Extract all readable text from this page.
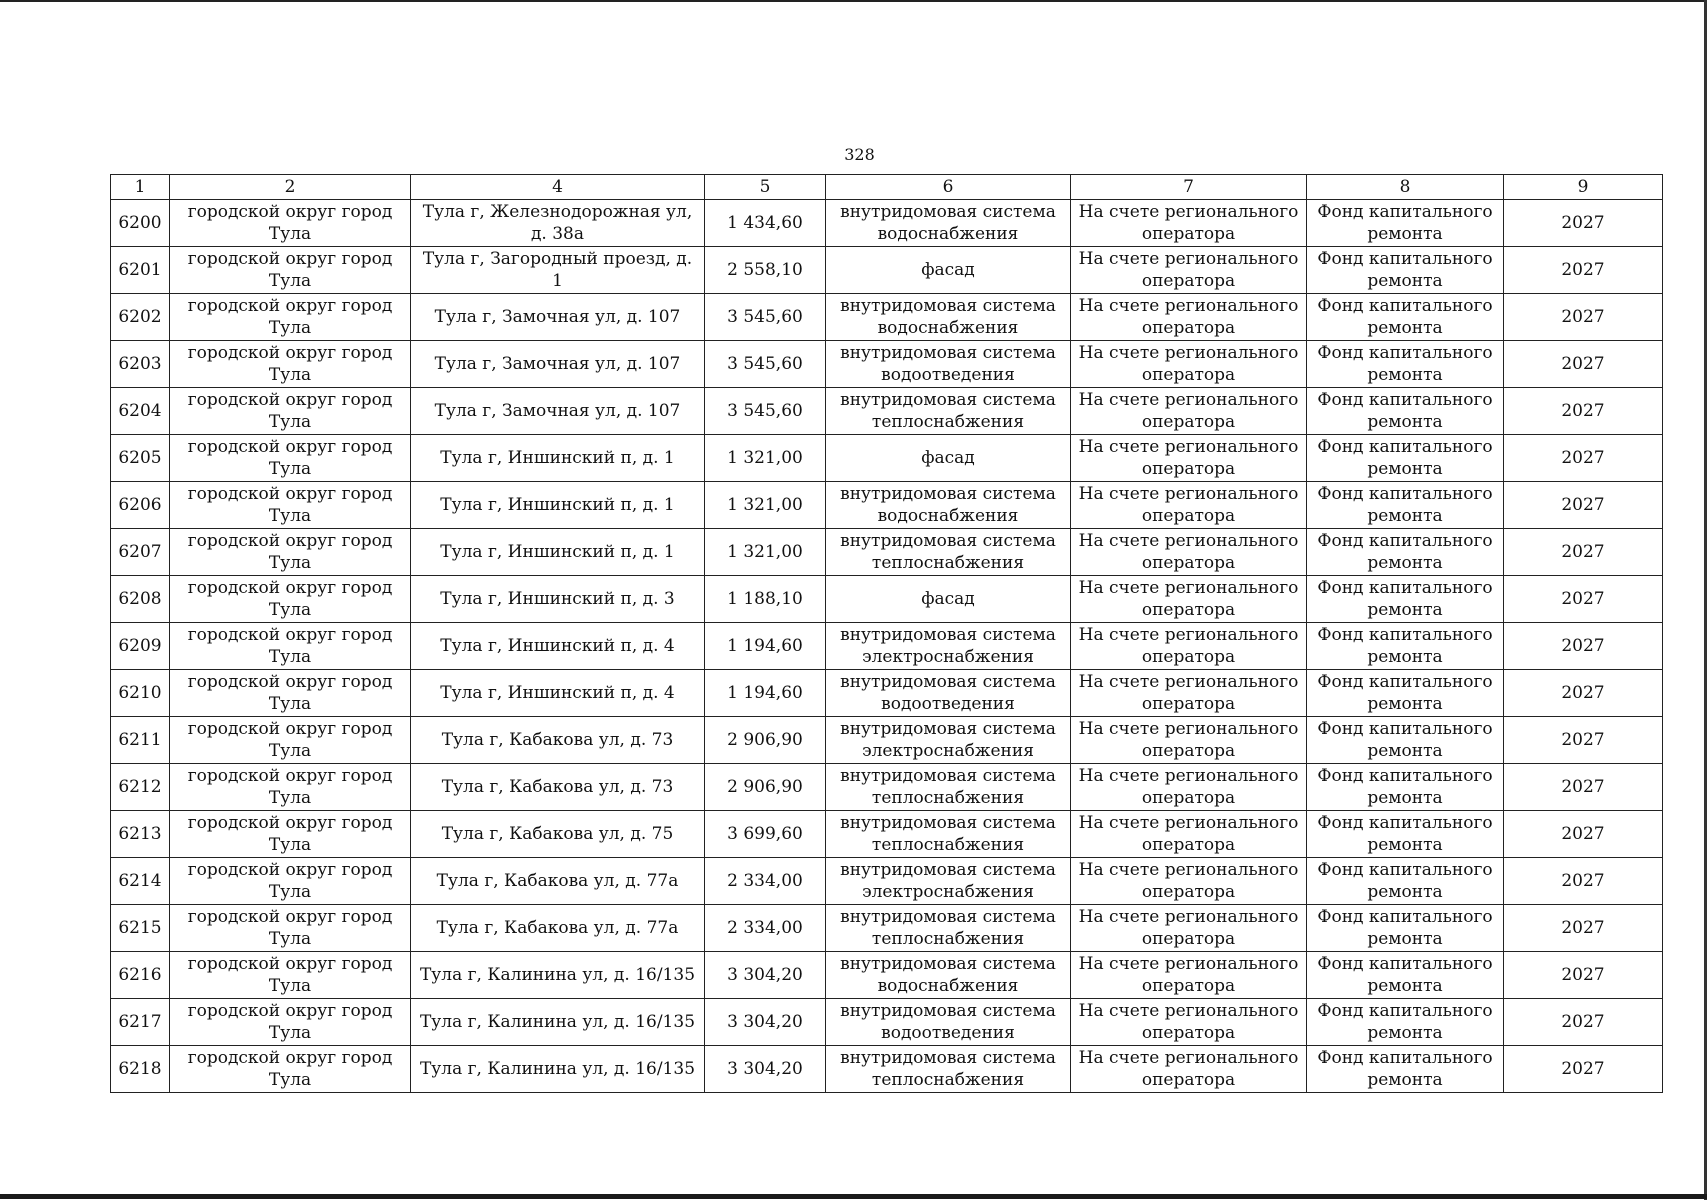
328
1	2	4	5	6	7	8	9
6200	городской округ город Тула	Тула г, Железнодорожная ул, д. 38а	1 434,60	внутридомовая система водоснабжения	На счете регионального оператора	Фонд капитального ремонта	2027
6201	городской округ город Тула	Тула г, Загородный проезд, д. 1	2 558,10	фасад	На счете регионального оператора	Фонд капитального ремонта	2027
6202	городской округ город Тула	Тула г, Замочная ул, д. 107	3 545,60	внутридомовая система водоснабжения	На счете регионального оператора	Фонд капитального ремонта	2027
6203	городской округ город Тула	Тула г, Замочная ул, д. 107	3 545,60	внутридомовая система водоотведения	На счете регионального оператора	Фонд капитального ремонта	2027
6204	городской округ город Тула	Тула г, Замочная ул, д. 107	3 545,60	внутридомовая система теплоснабжения	На счете регионального оператора	Фонд капитального ремонта	2027
6205	городской округ город Тула	Тула г, Иншинский п, д. 1	1 321,00	фасад	На счете регионального оператора	Фонд капитального ремонта	2027
6206	городской округ город Тула	Тула г, Иншинский п, д. 1	1 321,00	внутридомовая система водоснабжения	На счете регионального оператора	Фонд капитального ремонта	2027
6207	городской округ город Тула	Тула г, Иншинский п, д. 1	1 321,00	внутридомовая система теплоснабжения	На счете регионального оператора	Фонд капитального ремонта	2027
6208	городской округ город Тула	Тула г, Иншинский п, д. 3	1 188,10	фасад	На счете регионального оператора	Фонд капитального ремонта	2027
6209	городской округ город Тула	Тула г, Иншинский п, д. 4	1 194,60	внутридомовая система электроснабжения	На счете регионального оператора	Фонд капитального ремонта	2027
6210	городской округ город Тула	Тула г, Иншинский п, д. 4	1 194,60	внутридомовая система водоотведения	На счете регионального оператора	Фонд капитального ремонта	2027
6211	городской округ город Тула	Тула г, Кабакова ул, д. 73	2 906,90	внутридомовая система электроснабжения	На счете регионального оператора	Фонд капитального ремонта	2027
6212	городской округ город Тула	Тула г, Кабакова ул, д. 73	2 906,90	внутридомовая система теплоснабжения	На счете регионального оператора	Фонд капитального ремонта	2027
6213	городской округ город Тула	Тула г, Кабакова ул, д. 75	3 699,60	внутридомовая система теплоснабжения	На счете регионального оператора	Фонд капитального ремонта	2027
6214	городской округ город Тула	Тула г, Кабакова ул, д. 77а	2 334,00	внутридомовая система электроснабжения	На счете регионального оператора	Фонд капитального ремонта	2027
6215	городской округ город Тула	Тула г, Кабакова ул, д. 77а	2 334,00	внутридомовая система теплоснабжения	На счете регионального оператора	Фонд капитального ремонта	2027
6216	городской округ город Тула	Тула г, Калинина ул, д. 16/135	3 304,20	внутридомовая система водоснабжения	На счете регионального оператора	Фонд капитального ремонта	2027
6217	городской округ город Тула	Тула г, Калинина ул, д. 16/135	3 304,20	внутридомовая система водоотведения	На счете регионального оператора	Фонд капитального ремонта	2027
6218	городской округ город Тула	Тула г, Калинина ул, д. 16/135	3 304,20	внутридомовая система теплоснабжения	На счете регионального оператора	Фонд капитального ремонта	2027
